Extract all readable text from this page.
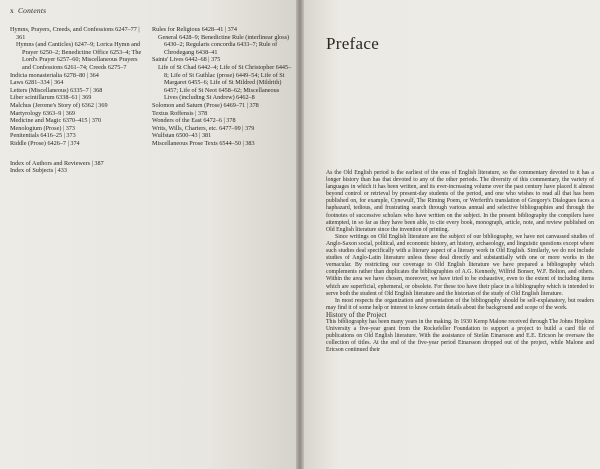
x Contents

Hymns, Prayers, Creeds, and Confessions 6247–77 | 361

Hymns (and Canticles) 6247–9; Lorica Hymn and Prayer 6250–2; Benedictine Office 6253–4; The Lord's Prayer 6257–60; Miscellaneous Prayers and Confessions 6261–74; Creeds 6275–7

Indicia monasterialia 6278–80 | 364

Laws 6281–334 | 364

Letters (Miscellaneous) 6335–7 | 368

Liber scintillarum 6338–61 | 369

Malchus (Jerome's Story of) 6362 | 369

Martyrology 6363–9 | 369

Medicine and Magic 6370–415 | 370

Menologium (Prose) | 373

Penitentials 6416–25 | 373

Riddle (Prose) 6426–7 | 374

Index of Authors and Reviewers | 387

Index of Subjects | 433

Rules for Religious 6428–41 | 374

General 6428–9; Benedictine Rule (interlinear gloss) 6430–2; Regularis concordia 6433–7; Rule of Chrodegang 6438–41

Saints' Lives 6442–68 | 375

Life of St Chad 6442–4; Life of St Christopher 6445–8; Life of St Guthlac (prose) 6449–54; Life of St Margaret 6455–6; Life of St Mildred (Mildrith) 6457; Life of St Neot 6458–62; Miscellaneous Lives (including St Andrew) 6462–8

Solomon and Saturn (Prose) 6469–71 | 378

Textus Roffensis | 378

Wonders of the East 6472–6 | 378

Writs, Wills, Charters, etc. 6477–99 | 379

Wulfstan 6500–43 | 381

Miscellaneous Prose Texts 6544–50 | 383

Preface

As the Old English period is the earliest of the eras of English literature, so the commentary devoted to it has a longer history than has that devoted to any of the other periods. The diversity of this commentary, the variety of languages in which it has been written, and its ever-increasing volume over the past century have placed it almost beyond control or retrieval by present-day students of the period, and one who wishes to read all that has been published on, for example, Cynewulf, The Riming Poem, or Werferth's translation of Gregory's Dialogues faces a haphazard, tedious, and frustrating search through various annual and selective bibliographies and through the footnotes of successive scholars who have written on the subject. In the present bibliography the compilers have attempted, in so far as they have been able, to cite every book, monograph, article, note, and review published on Old English literature since the invention of printing.

Since writings on Old English literature are the subject of our bibliography, we have not canvassed studies of Anglo-Saxon social, political, and economic history, art history, archaeology, and linguistic questions except where such studies deal specifically with a literary aspect of a literary work in Old English. Similarly, we do not include studies of Anglo-Latin literature unless these deal directly and substantially with one or more works in the vernacular. By restricting our coverage to Old English literature we have prepared a bibliography which complements rather than duplicates the bibliographies of A.G. Kennedy, Wilfrid Bonser, W.F. Bolton, and others. Within the area we have chosen, moreover, we have tried to be exhaustive, even to the extent of including items which are superficial, ephemeral, or obsolete. For these too have their place in a bibliography which is intended to serve both the student of Old English literature and the historian of the study of Old English literature.

In most respects the organization and presentation of the bibliography should be self-explanatory, but readers may find it of some help or interest to know certain details about the background and scope of the work.

History of the Project

This bibliography has been many years in the making. In 1930 Kemp Malone received through The Johns Hopkins University a five-year grant from the Rockefeller Foundation to support a project to build a card file of publications on Old English literature. With the assistance of Stefán Einarsson and E.E. Ericson he oversaw the collection of titles. At the end of the five-year period Einarsson dropped out of the project, while Malone and Ericson continued their
